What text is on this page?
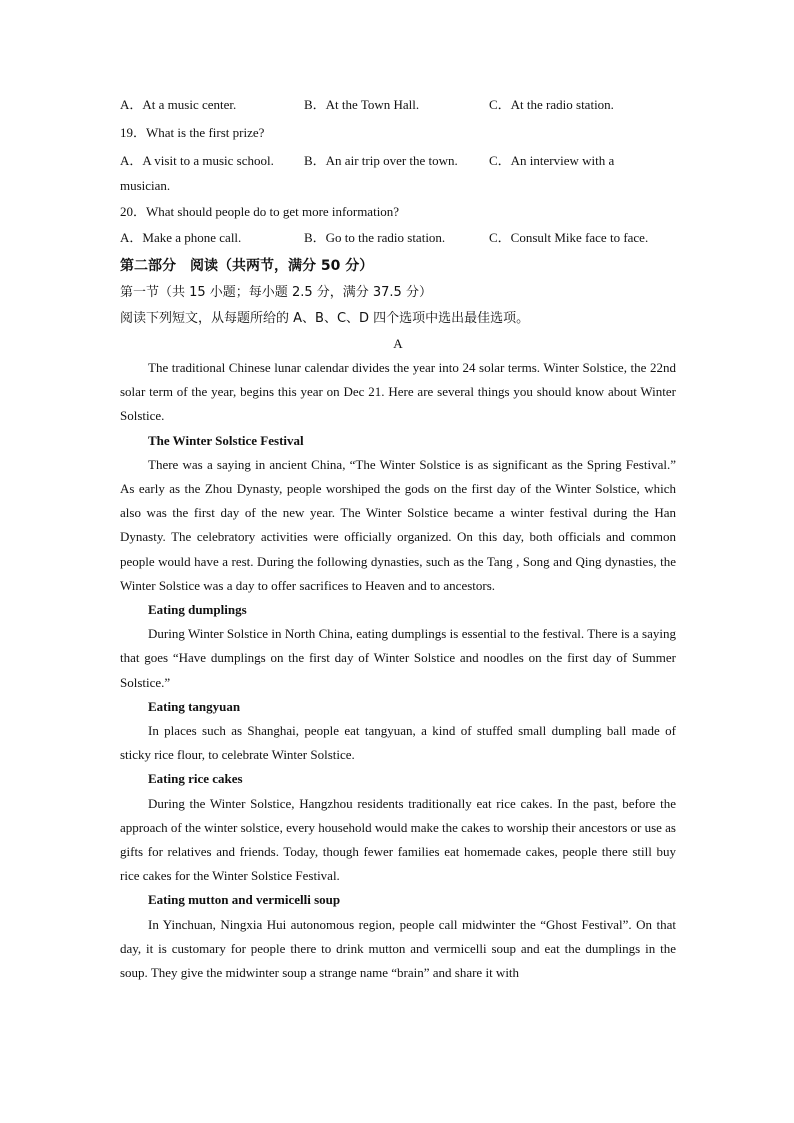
A．At a music center.	B．At the Town Hall.	C．At the radio station.
19．What is the first prize?
A．A visit to a music school.	B．An air trip over the town.	C．An interview with a
musician.
20．What should people do to get more information?
A．Make a phone call.	B．Go to the radio station.	C．Consult Mike face to face.
第二部分　阅读（共两节，满分 50 分）
第一节（共 15 小题；每小题 2.5 分，满分 37.5 分）
阅读下列短文，从每题所给的 A、B、C、D 四个选项中选出最佳选项。
A

The traditional Chinese lunar calendar divides the year into 24 solar terms. Winter Solstice, the 22nd solar term of the year, begins this year on Dec 21. Here are several things you should know about Winter Solstice.

The Winter Solstice Festival

There was a saying in ancient China, “The Winter Solstice is as significant as the Spring Festival.” As early as the Zhou Dynasty, people worshiped the gods on the first day of the Winter Solstice, which also was the first day of the new year. The Winter Solstice became a winter festival during the Han Dynasty. The celebratory activities were officially organized. On this day, both officials and common people would have a rest. During the following dynasties, such as the Tang , Song and Qing dynasties, the Winter Solstice was a day to offer sacrifices to Heaven and to ancestors.

Eating dumplings

During Winter Solstice in North China, eating dumplings is essential to the festival. There is a saying that goes “Have dumplings on the first day of Winter Solstice and noodles on the first day of Summer Solstice.”

Eating tangyuan

In places such as Shanghai, people eat tangyuan, a kind of stuffed small dumpling ball made of sticky rice flour, to celebrate Winter Solstice.

Eating rice cakes

During the Winter Solstice, Hangzhou residents traditionally eat rice cakes. In the past, before the approach of the winter solstice, every household would make the cakes to worship their ancestors or use as gifts for relatives and friends. Today, though fewer families eat homemade cakes, people there still buy rice cakes for the Winter Solstice Festival.

Eating mutton and vermicelli soup

In Yinchuan, Ningxia Hui autonomous region, people call midwinter the “Ghost Festival”. On that day, it is customary for people there to drink mutton and vermicelli soup and eat the dumplings in the soup. They give the midwinter soup a strange name “brain” and share it with
